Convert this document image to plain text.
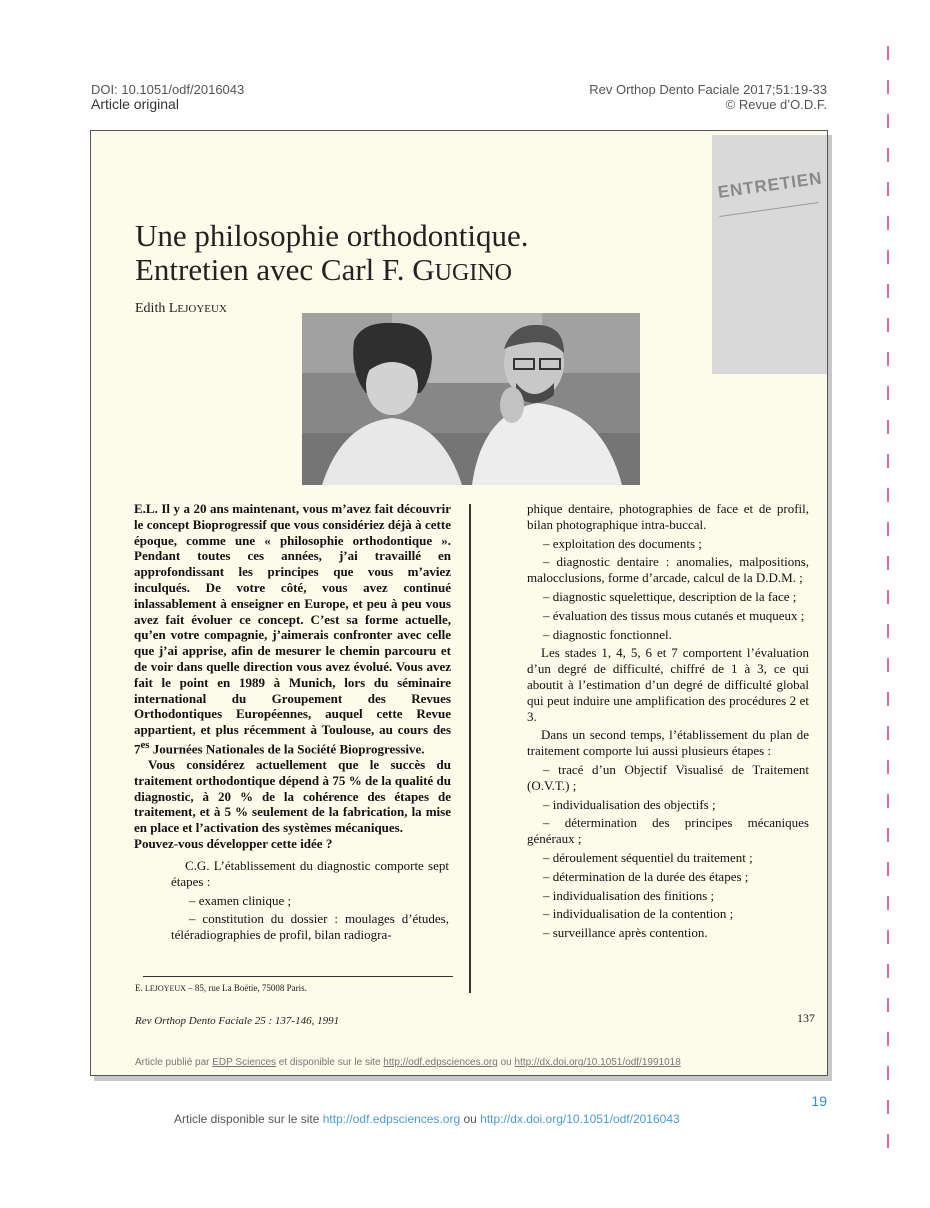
DOI: 10.1051/odf/2016043
Article original
Rev Orthop Dento Faciale 2017;51:19-33
© Revue d’O.D.F.
ENTRETIEN
Une philosophie orthodontique.
Entretien avec Carl F. GUGINO
Edith LEJOYEUX

E.L. Il y a 20 ans maintenant, vous m’avez fait découvrir le concept Bioprogressif que vous considériez déjà à cette époque, comme une « philosophie orthodontique ». Pendant toutes ces années, j’ai travaillé en approfondissant les principes que vous m’aviez inculqués. De votre côté, vous avez continué inlassablement à enseigner en Europe, et peu à peu vous avez fait évoluer ce concept. C’est sa forme actuelle, qu’en votre compagnie, j’aimerais confronter avec celle que j’ai apprise, afin de mesurer le chemin parcouru et de voir dans quelle direction vous avez évolué. Vous avez fait le point en 1989 à Munich, lors du séminaire international du Groupement des Revues Orthodontiques Européennes, auquel cette Revue appartient, et plus récemment à Toulouse, au cours des $7^{es}$ Journées Nationales de la Société Bioprogressive.

Vous considérez actuellement que le succès du traitement orthodontique dépend à 75 % de la qualité du diagnostic, à 20 % de la cohérence des étapes de traitement, et à 5 % seulement de la fabrication, la mise en place et l’activation des systèmes mécaniques.

Pouvez-vous développer cette idée ?

C.G. L’établissement du diagnostic comporte sept étapes :

– examen clinique ;

– constitution du dossier : moulages d’études, téléradiographies de profil, bilan radiogra-

phique dentaire, photographies de face et de profil, bilan photographique intra-buccal.

– exploitation des documents ;

– diagnostic dentaire : anomalies, malpositions, malocclusions, forme d’arcade, calcul de la D.D.M. ;

– diagnostic squelettique, description de la face ;

– évaluation des tissus mous cutanés et muqueux ;

– diagnostic fonctionnel.

Les stades 1, 4, 5, 6 et 7 comportent l’évaluation d’un degré de difficulté, chiffré de 1 à 3, ce qui aboutit à l’estimation d’un degré de difficulté global qui peut induire une amplification des procédures 2 et 3.

Dans un second temps, l’établissement du plan de traitement comporte lui aussi plusieurs étapes :

– tracé d’un Objectif Visualisé de Traitement (O.V.T.) ;

– individualisation des objectifs ;

– détermination des principes mécaniques généraux ;

– déroulement séquentiel du traitement ;

– détermination de la durée des étapes ;

– individualisation des finitions ;

– individualisation de la contention ;

– surveillance après contention.

E. LEJOYEUX – 85, rue La Boétie, 75008 Paris.
Rev Orthop Dento Faciale 25 : 137-146, 1991	137
Article publié par EDP Sciences et disponible sur le site http://odf.edpsciences.org ou http://dx.doi.org/10.1051/odf/1991018
19
Article disponible sur le site http://odf.edpsciences.org ou http://dx.doi.org/10.1051/odf/2016043
